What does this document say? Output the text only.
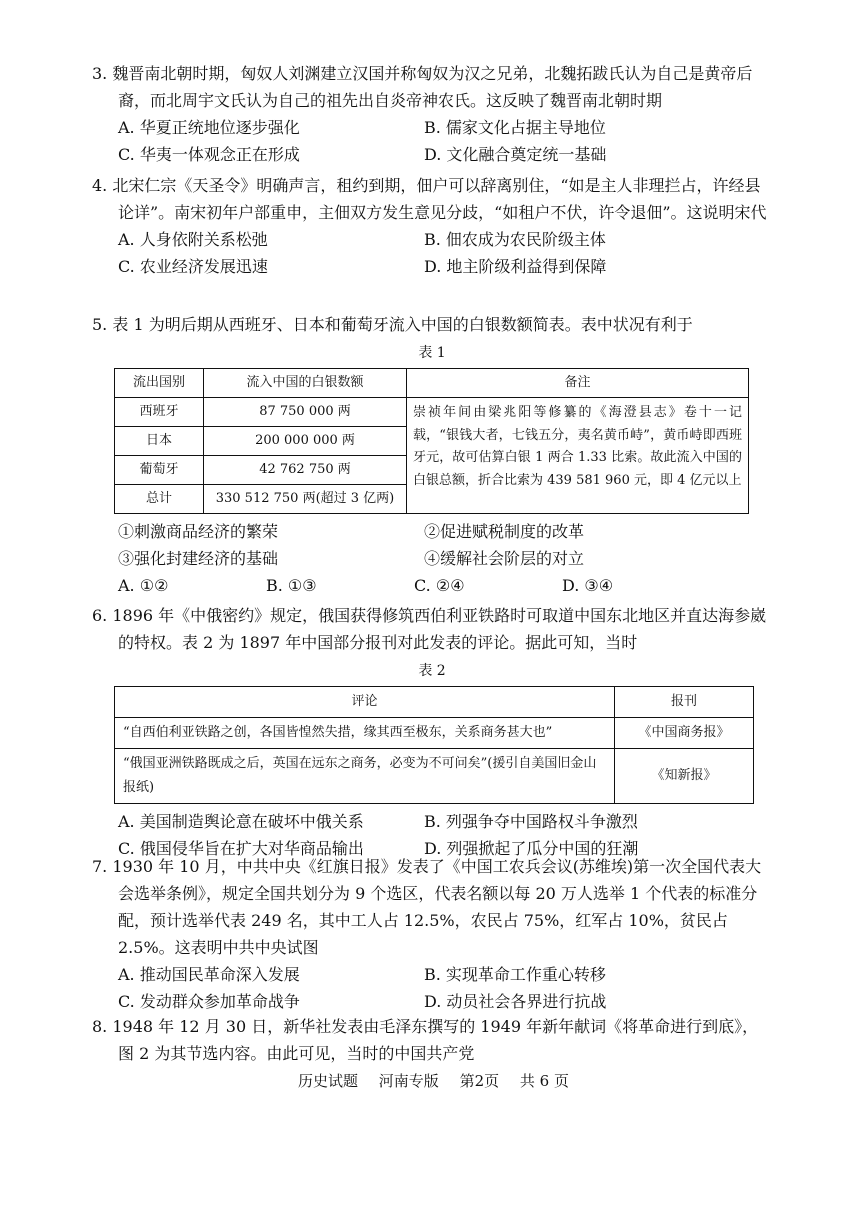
3. 魏晋南北朝时期，匈奴人刘渊建立汉国并称匈奴为汉之兄弟，北魏拓跋氏认为自己是黄帝后裔，而北周宇文氏认为自己的祖先出自炎帝神农氏。这反映了魏晋南北朝时期

A. 华夏正统地位逐步强化	B. 儒家文化占据主导地位
C. 华夷一体观念正在形成	D. 文化融合奠定统一基础

4. 北宋仁宗《天圣令》明确声言，租约到期，佃户可以辞离别住，“如是主人非理拦占，许经县论详”。南宋初年户部重申，主佃双方发生意见分歧，“如租户不伏，许令退佃”。这说明宋代

A. 人身依附关系松弛	B. 佃农成为农民阶级主体
C. 农业经济发展迅速	D. 地主阶级利益得到保障

5. 表 1 为明后期从西班牙、日本和葡萄牙流入中国的白银数额简表。表中状况有利于

表 1
流出国别	流入中国的白银数额	备注
西班牙	87 750 000 两	崇祯年间由梁兆阳等修纂的《海澄县志》卷十一记载，“银钱大者，七钱五分，夷名黄币峙”，黄币峙即西班牙元，故可估算白银 1 两合 1.33 比索。故此流入中国的白银总额，折合比索为 439 581 960 元，即 4 亿元以上
日本	200 000 000 两	
葡萄牙	42 762 750 两	
总计	330 512 750 两(超过 3 亿两)	
①刺激商品经济的繁荣	②促进赋税制度的改革
③强化封建经济的基础	④缓解社会阶层的对立
A. ①②	B. ①③	C. ②④	D. ③④

6. 1896 年《中俄密约》规定，俄国获得修筑西伯利亚铁路时可取道中国东北地区并直达海参崴的特权。表 2 为 1897 年中国部分报刊对此发表的评论。据此可知，当时

表 2
评论	报刊
“自西伯利亚铁路之创，各国皆惶然失措，缘其西至极东，关系商务甚大也”	《中国商务报》
“俄国亚洲铁路既成之后，英国在远东之商务，必变为不可问矣”(援引自美国旧金山报纸)	《知新报》
A. 美国制造舆论意在破坏中俄关系	B. 列强争夺中国路权斗争激烈
C. 俄国侵华旨在扩大对华商品输出	D. 列强掀起了瓜分中国的狂潮

7. 1930 年 10 月，中共中央《红旗日报》发表了《中国工农兵会议(苏维埃)第一次全国代表大会选举条例》，规定全国共划分为 9 个选区，代表名额以每 20 万人选举 1 个代表的标准分配，预计选举代表 249 名，其中工人占 12.5%，农民占 75%，红军占 10%，贫民占2.5%。这表明中共中央试图

A. 推动国民革命深入发展	B. 实现革命工作重心转移
C. 发动群众参加革命战争	D. 动员社会各界进行抗战

8. 1948 年 12 月 30 日，新华社发表由毛泽东撰写的 1949 年新年献词《将革命进行到底》，图 2 为其节选内容。由此可见，当时的中国共产党

历史试题 河南专版 第2页 共 6 页
